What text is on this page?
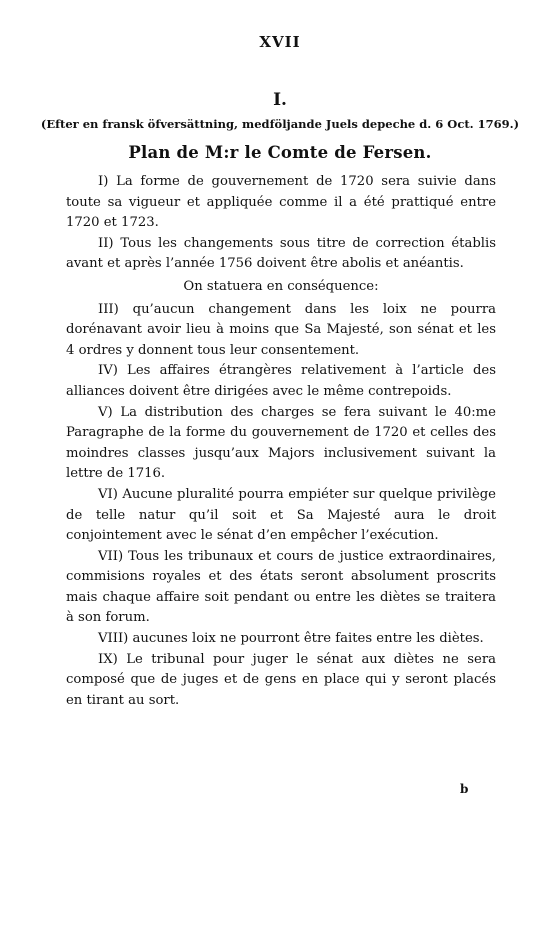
XVII
I.
(Efter en fransk öfversättning, medföljande Juels depeche d. 6 Oct. 1769.)
Plan de M:r le Comte de Fersen.

I) La forme de gouvernement de 1720 sera suivie dans toute sa vigueur et appliquée comme il a été prattiqué entre 1720 et 1723.

II) Tous les changements sous titre de correction établis avant et après l’année 1756 doivent être abolis et anéantis.

On statuera en conséquence:

III) qu’aucun changement dans les loix ne pourra dorénavant avoir lieu à moins que Sa Majesté, son sénat et les 4 ordres y donnent tous leur consentement.

IV) Les affaires étrangères relativement à l’article des alliances doivent être dirigées avec le même contrepoids.

V) La distribution des charges se fera suivant le 40:me Paragraphe de la forme du gouvernement de 1720 et celles des moindres classes jusqu’aux Majors inclusivement suivant la lettre de 1716.

VI) Aucune pluralité pourra empiéter sur quelque privilège de telle natur qu’il soit et Sa Majesté aura le droit conjointement avec le sénat d’en empêcher l’exécution.

VII) Tous les tribunaux et cours de justice extraordinaires, commisions royales et des états seront absolument proscrits mais chaque affaire soit pendant ou entre les diètes se traitera à son forum.

VIII) aucunes loix ne pourront être faites entre les diètes.

IX) Le tribunal pour juger le sénat aux diètes ne sera composé que de juges et de gens en place qui y seront placés en tirant au sort.

b
